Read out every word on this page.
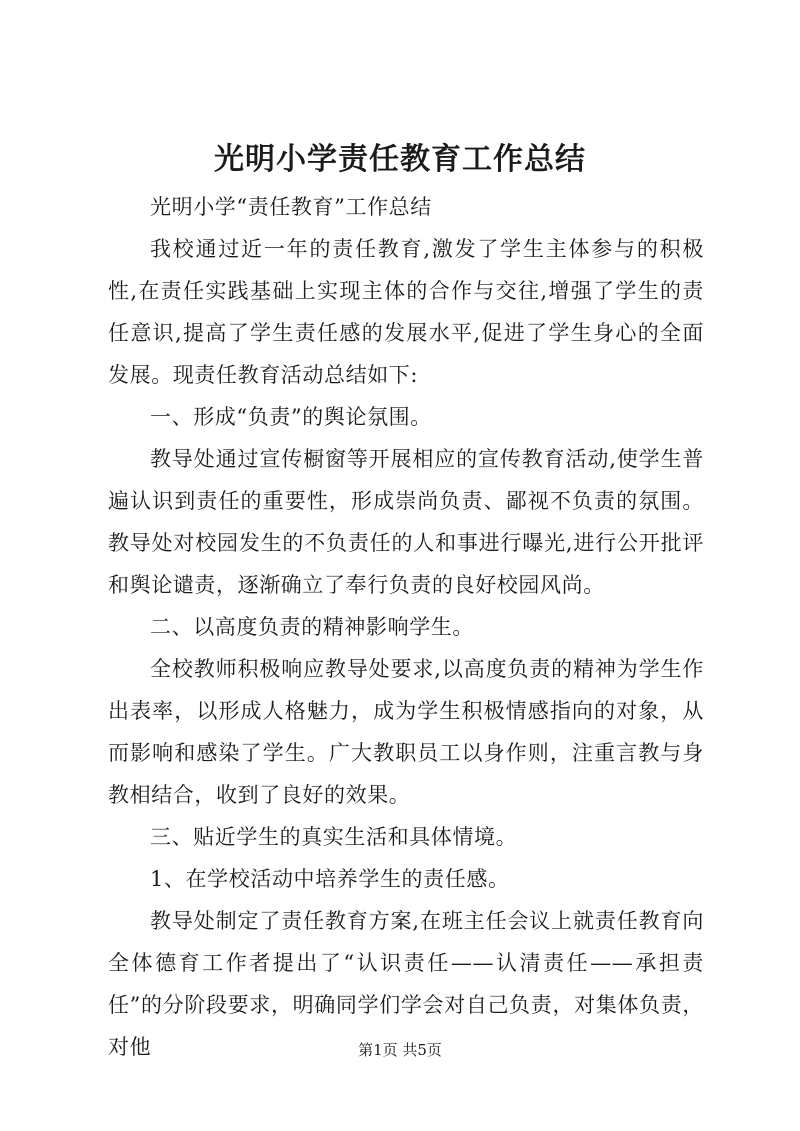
光明小学责任教育工作总结

光明小学“责任教育”工作总结

我校通过近一年的责任教育,激发了学生主体参与的积极性,在责任实践基础上实现主体的合作与交往,增强了学生的责任意识,提高了学生责任感的发展水平,促进了学生身心的全面发展。现责任教育活动总结如下:

一、形成“负责”的舆论氛围。

教导处通过宣传橱窗等开展相应的宣传教育活动,使学生普遍认识到责任的重要性，形成崇尚负责、鄙视不负责的氛围。教导处对校园发生的不负责任的人和事进行曝光,进行公开批评和舆论谴责，逐渐确立了奉行负责的良好校园风尚。

二、以高度负责的精神影响学生。

全校教师积极响应教导处要求,以高度负责的精神为学生作出表率，以形成人格魅力，成为学生积极情感指向的对象，从而影响和感染了学生。广大教职员工以身作则，注重言教与身教相结合，收到了良好的效果。

三、贴近学生的真实生活和具体情境。

1、在学校活动中培养学生的责任感。

教导处制定了责任教育方案,在班主任会议上就责任教育向全体德育工作者提出了“认识责任——认清责任——承担责任”的分阶段要求，明确同学们学会对自己负责，对集体负责，对他	第1页 共5页
